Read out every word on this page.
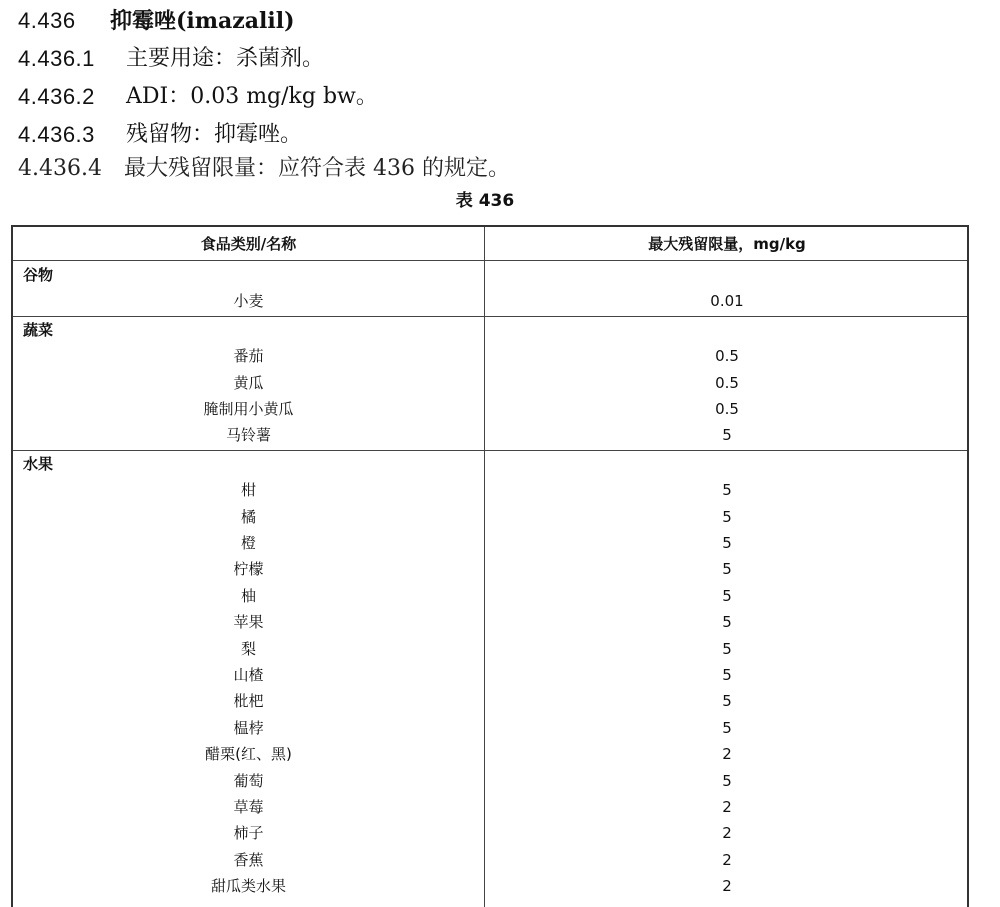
4.436 抑霉唑(imazalil)
4.436.1 主要用途：杀菌剂。
4.436.2 ADI：0.03 mg/kg bw。
4.436.3 残留物：抑霉唑。
4.436.4　最大残留限量：应符合表 436 的规定。
表 436
食品类别/名称	最大残留限量，mg/kg
谷物
小麦	0.01
蔬菜
番茄	0.5
黄瓜	0.5
腌制用小黄瓜	0.5
马铃薯	5
水果
柑	5
橘	5
橙	5
柠檬	5
柚	5
苹果	5
梨	5
山楂	5
枇杷	5
榅桲	5
醋栗(红、黑)	2
葡萄	5
草莓	2
柿子	2
香蕉	2
甜瓜类水果	2
